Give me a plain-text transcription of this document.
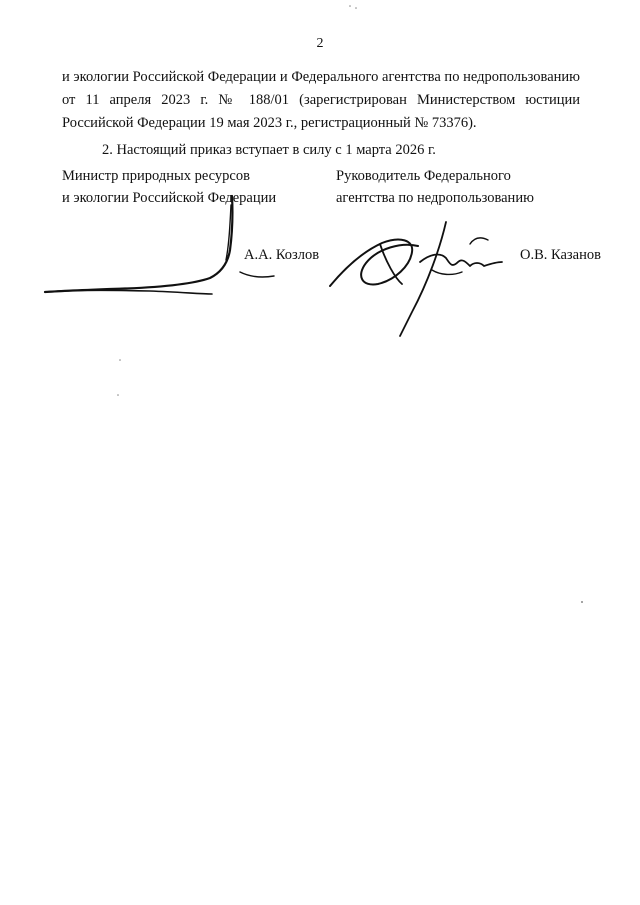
2

и экологии Российской Федерации и Федерального агентства по недропользованию

от 11 апреля 2023 г. № 188/01 (зарегистрирован Министерством юстиции

Российской Федерации 19 мая 2023 г., регистрационный № 73376).

2. Настоящий приказ вступает в силу с 1 марта 2026 г.

Министр природных ресурсов
и экологии Российской Федерации
Руководитель Федерального
агентства по недропользованию
А.А. Козлов	О.В. Казанов
